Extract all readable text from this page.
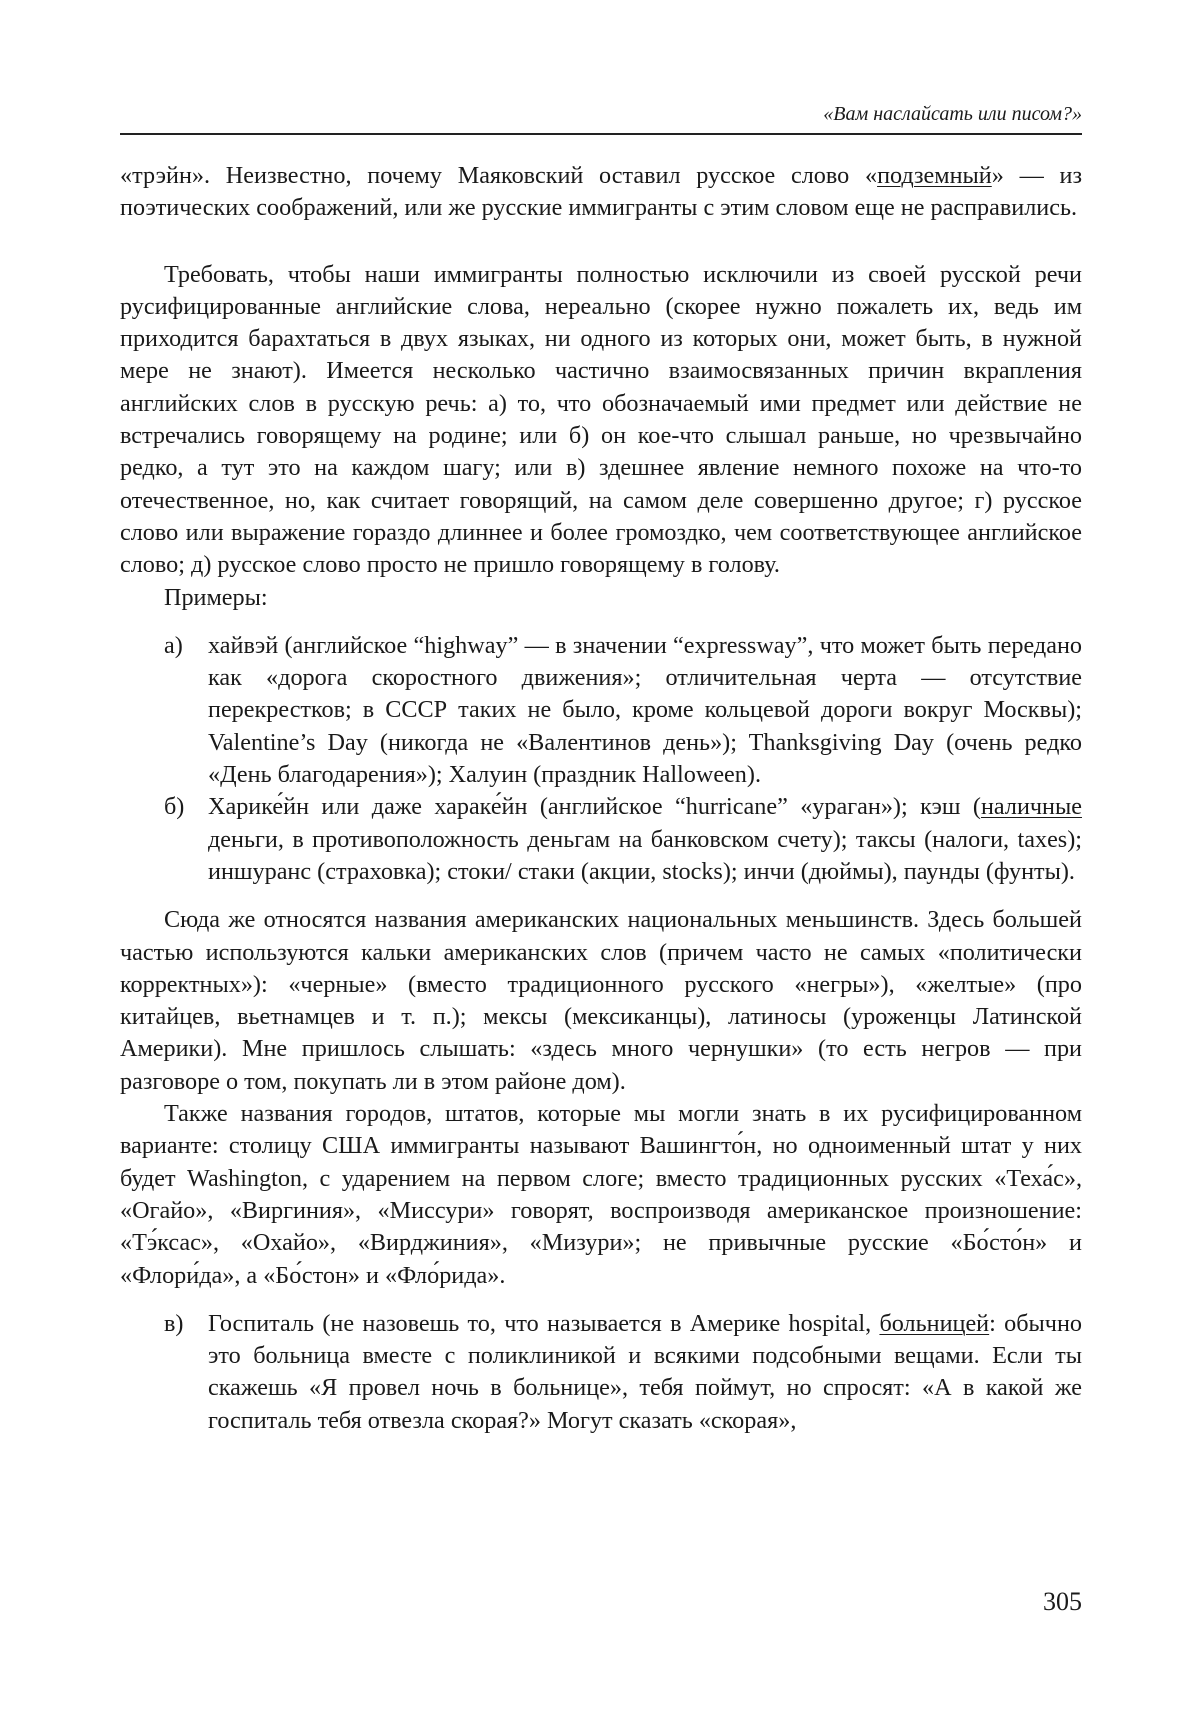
«Вам наслайсать или писом?»

«трэйн». Неизвестно, почему Маяковский оставил русское слово «подземный» — из поэтических соображений, или же русские иммигранты с этим словом еще не расправились.

Требовать, чтобы наши иммигранты полностью исключили из своей русской речи русифицированные английские слова, нереально (скорее нужно пожалеть их, ведь им приходится барахтаться в двух языках, ни одного из которых они, может быть, в нужной мере не знают). Имеется несколько частично взаимосвязанных причин вкрапления английских слов в русскую речь: а) то, что обозначаемый ими предмет или действие не встречались говорящему на родине; или б) он кое-что слышал раньше, но чрезвычайно редко, а тут это на каждом шагу; или в) здешнее явление немного похоже на что-то отечественное, но, как считает говорящий, на самом деле совершенно другое; г) русское слово или выражение гораздо длиннее и более громоздко, чем соответствующее английское слово; д) русское слово просто не пришло говорящему в голову.

Примеры:

а)	хайвэй (английское “highway” — в значении “expressway”, что может быть передано как «дорога скоростного движения»; отличительная черта — отсутствие перекрестков; в СССР таких не было, кроме кольцевой дороги вокруг Москвы); Valentine’s Day (никогда не «Валентинов день»); Thanksgiving Day (очень редко «День благодарения»); Халуин (праздник Halloween).
б) Харике́йн или даже хараке́йн (английское “hurricane” «ураган»); кэш (наличные деньги, в противоположность деньгам на банковском счету); таксы (налоги, taxes); иншуранс (страховка); стоки/ стаки (акции, stocks); инчи (дюймы), паунды (фунты).

Сюда же относятся названия американских национальных меньшинств. Здесь большей частью используются кальки американских слов (причем часто не самых «политически корректных»): «черные» (вместо традиционного русского «негры»), «желтые» (про китайцев, вьетнамцев и т. п.); мексы (мексиканцы), латиносы (уроженцы Латинской Америки). Мне пришлось слышать: «здесь много чернушки» (то есть негров — при разговоре о том, покупать ли в этом районе дом).

Также названия городов, штатов, которые мы могли знать в их русифицированном варианте: столицу США иммигранты называют Вашингто́н, но одноименный штат у них будет Washington, с ударением на первом слоге; вместо традиционных русских «Теха́с», «Огайо», «Виргиния», «Миссури» говорят, воспроизводя американское произношение: «Тэ́ксас», «Охайо», «Вирджиния», «Мизури»; не привычные русские «Бо́сто́н» и «Флори́да», а «Бо́стон» и «Фло́рида».

в)	Госпиталь (не назовешь то, что называется в Америке hospital, больницей: обычно это больница вместе с поликлиникой и всякими подсобными вещами. Если ты скажешь «Я провел ночь в больнице», тебя поймут, но спросят: «А в какой же госпиталь тебя отвезла скорая?» Могут сказать «скорая»,
305
